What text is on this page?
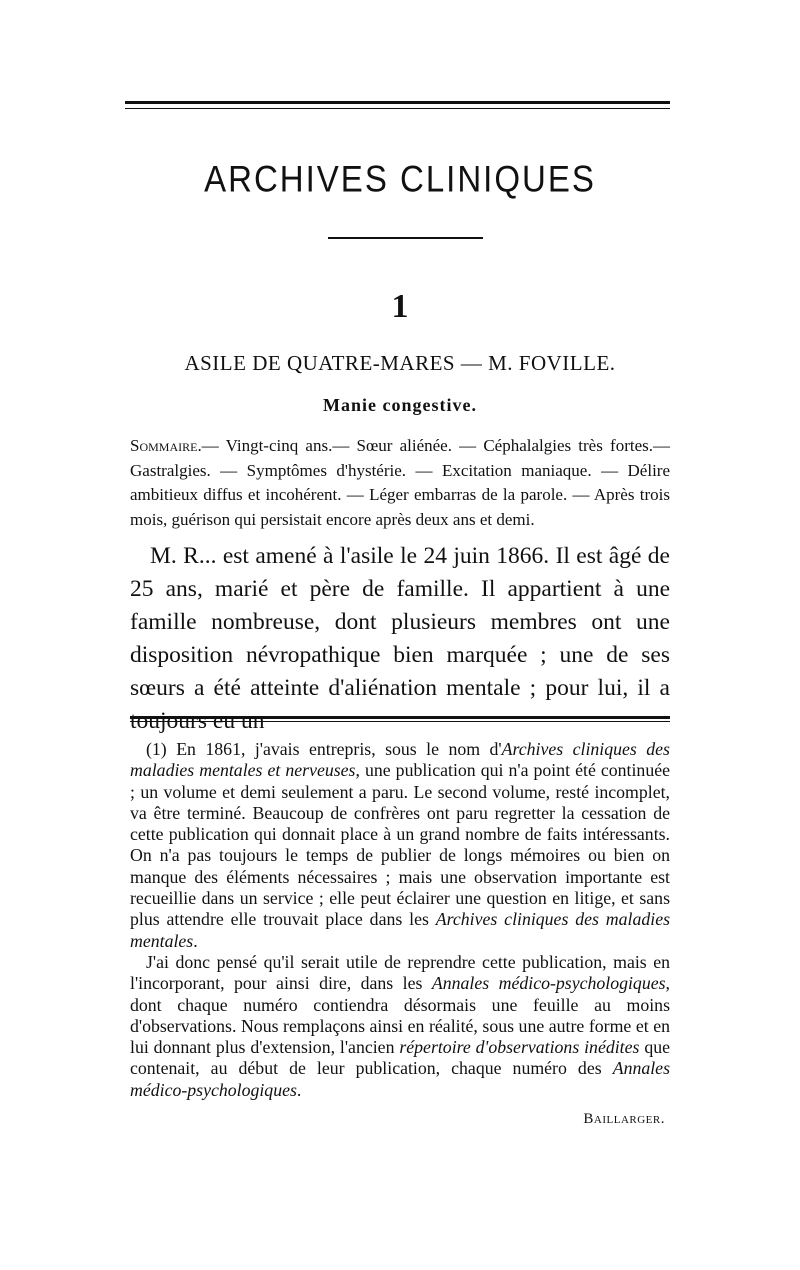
ARCHIVES CLINIQUES
1
ASILE DE QUATRE-MARES — M. FOVILLE.
Manie congestive.
Sommaire.— Vingt-cinq ans.— Sœur aliénée. — Céphalalgies très fortes.— Gastralgies. — Symptômes d'hystérie. — Excitation maniaque. — Délire ambitieux diffus et incohérent. — Léger embarras de la parole. — Après trois mois, guérison qui persistait encore après deux ans et demi.
M. R... est amené à l'asile le 24 juin 1866. Il est âgé de 25 ans, marié et père de famille. Il appartient à une famille nombreuse, dont plusieurs membres ont une disposition névropathique bien marquée ; une de ses sœurs a été atteinte d'aliénation mentale ; pour lui, il a

(1) En 1861, j'avais entrepris, sous le nom d'Archives cliniques des maladies mentales et nerveuses, une publication qui n'a point été continuée ; un volume et demi seulement a paru. Le second volume, resté incomplet, va être terminé. Beaucoup de confrères ont paru regretter la cessation de cette publication qui donnait place à un grand nombre de faits intéressants. On n'a pas toujours le temps de publier de longs mémoires ou bien on manque des éléments nécessaires ; mais une observation importante est recueillie dans un service ; elle peut éclairer une question en litige, et sans plus attendre elle trouvait place dans les Archives cliniques des maladies mentales.

J'ai donc pensé qu'il serait utile de reprendre cette publication, mais en l'incorporant, pour ainsi dire, dans les Annales médico-psychologiques, dont chaque numéro contiendra désormais une feuille au moins d'observations. Nous remplaçons ainsi en réalité, sous une autre forme et en lui donnant plus d'extension, l'ancien répertoire d'observations inédites que contenait, au début de leur publication, chaque numéro des Annales médico-psychologiques.

Baillarger.
